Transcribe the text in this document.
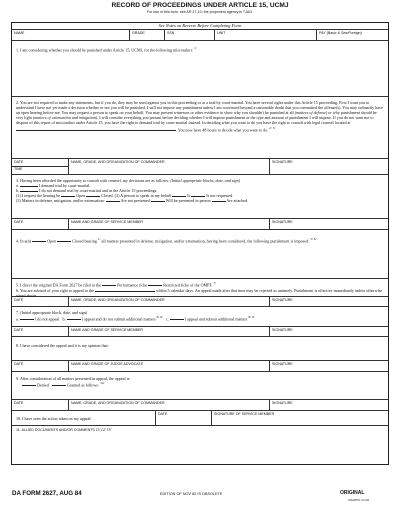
RECORD OF PROCEEDINGS UNDER ARTICLE 15, UCMJ
For use of this form, see AR 27-10; the proponent agency is TJAG.
See Notes on Reverse Before Completing Form
NAME	GRADE	SSN	UNIT	PAY (Basic & Sea/Foreign)

1. I am considering whether you should be punished under Article 15, UCMJ, for the following misconduct: $^{1/}$

2. You are not required to make any statements, but if you do, they may be used against you in this proceeding or at a trial by court-martial. You have several rights under this Article 15 proceeding. First I want you to understand I have not yet made a decision whether or not you will be punished. I will not impose any punishment unless I am convinced beyond a reasonable doubt that you committed the offense(s). You may ordinarily have an open hearing before me. You may request a person to speak on your behalf. You may present witnesses or other evidence to show why you shouldn't be punished at all (matters of defense) or why punishment should be very light (matters of extenuation and mitigation). I will consider everything you present before deciding whether I will impose punishment or the type and amount of punishment I will impose. If you do not want me to dispose of this report of misconduct under Article 15, you have the right to demand trial by court-martial instead. In deciding what you want to do you have the right to consult with legal counsel located at . You now have 48 hours to decide what you want to do. $^{2/}$ $^{3/}$

DATE
TIME
NAME, GRADE, AND ORGANIZATION OF COMMANDER	SIGNATURE

3. Having been afforded the opportunity to consult with counsel, my decisions are as follows: (Initial appropriate blocks, date, and sign)

a.	I demand trial by court-martial.

b.	I do not demand trial by court-martial and in the Article 15 proceedings:

(1) I request the hearing be	Open	Closed. (2) A person to speak in my behalf	Is	Is not requested.

(3) Matters in defense, mitigation, and/or extenuation:	Are not presented	Will be presented in person	Are attached.

DATE	NAME AND GRADE OF SERVICE MEMBER	SIGNATURE

4. In a(n)	Open	Closed hearing $^{1/}$ all matters presented in defense, mitigation, and/or extenuation, having been considered, the following punishment is imposed: $^{5/ 6/}$

5. I direct the original DA Form 2627 be filed in the	Performance fiche	Restricted fiche of the OMPF. $^{7/}$

6. You are advised of your right to appeal to the	within 5 calendar days. An appeal made after that time may be rejected as untimely. Punishment is effective immediately unless otherwise stated above.

DATE	NAME, GRADE, AND ORGANIZATION OF COMMANDER	SIGNATURE

7. (Initial appropriate block, date, and sign)

a.	I do not appeal b.	I appeal and do not submit additional matters $^{8/ 9/}$ c.	I appeal and submit additional matters $^{8/ 9/}$

DATE	NAME AND GRADE OF SERVICE MEMBER	SIGNATURE

8. I have considered the appeal and it is my opinion that:

DATE	NAME AND GRADE OF JUDGE ADVOCATE	SIGNATURE

9. After consideration of all matters presented in appeal, the appeal is:

Denied	Granted as follows: $^{10/}$

DATE	NAME, GRADE, AND ORGANIZATION OF COMMANDER	SIGNATURE

10. I have seen the action taken on my appeal.

DATE	SIGNATURE OF SERVICE MEMBER
11. ALLIED DOCUMENTS AND/OR COMMENTS 11/ 12/ 13/
DA FORM 2627, AUG 84	EDITION OF NOV 82 IS OBSOLETE	ORIGINAL
USAPPC V1.00
